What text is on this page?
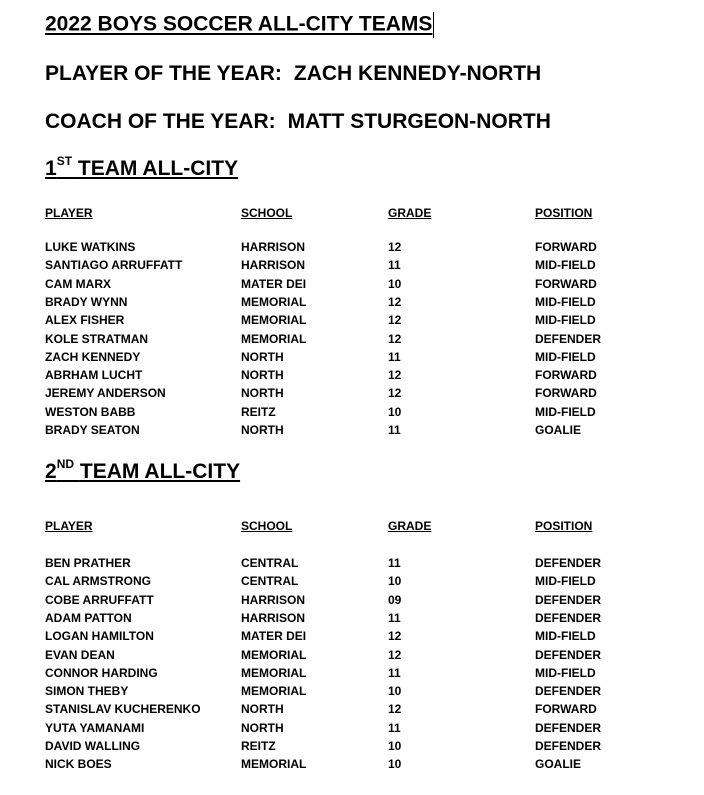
2022 BOYS SOCCER ALL-CITY TEAMS
PLAYER OF THE YEAR: ZACH KENNEDY-NORTH
COACH OF THE YEAR: MATT STURGEON-NORTH
1ST TEAM ALL-CITY
PLAYER	SCHOOL	GRADE	POSITION
LUKE WATKINS	HARRISON	12	FORWARD
SANTIAGO ARRUFFATT	HARRISON	11	MID-FIELD
CAM MARX	MATER DEI	10	FORWARD
BRADY WYNN	MEMORIAL	12	MID-FIELD
ALEX FISHER	MEMORIAL	12	MID-FIELD
KOLE STRATMAN	MEMORIAL	12	DEFENDER
ZACH KENNEDY	NORTH	11	MID-FIELD
ABRHAM LUCHT	NORTH	12	FORWARD
JEREMY ANDERSON	NORTH	12	FORWARD
WESTON BABB	REITZ	10	MID-FIELD
BRADY SEATON	NORTH	11	GOALIE
2ND TEAM ALL-CITY
PLAYER	SCHOOL	GRADE	POSITION
BEN PRATHER	CENTRAL	11	DEFENDER
CAL ARMSTRONG	CENTRAL	10	MID-FIELD
COBE ARRUFFATT	HARRISON	09	DEFENDER
ADAM PATTON	HARRISON	11	DEFENDER
LOGAN HAMILTON	MATER DEI	12	MID-FIELD
EVAN DEAN	MEMORIAL	12	DEFENDER
CONNOR HARDING	MEMORIAL	11	MID-FIELD
SIMON THEBY	MEMORIAL	10	DEFENDER
STANISLAV KUCHERENKO	NORTH	12	FORWARD
YUTA YAMANAMI	NORTH	11	DEFENDER
DAVID WALLING	REITZ	10	DEFENDER
NICK BOES	MEMORIAL	10	GOALIE
